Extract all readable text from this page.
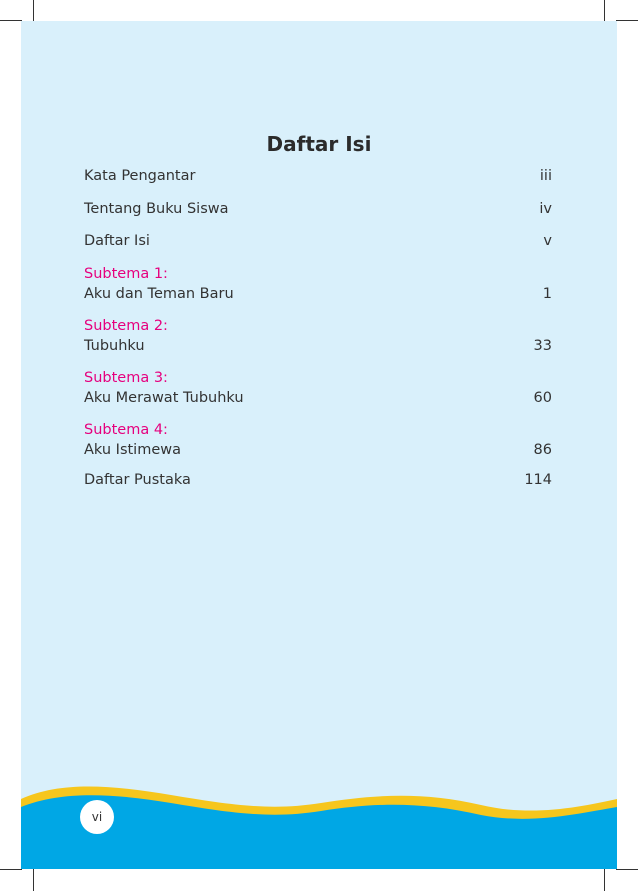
Daftar Isi
Kata Pengantar	iii
Tentang Buku Siswa	iv
Daftar Isi	v
Subtema 1:
Aku dan Teman Baru	1
Subtema 2:
Tubuhku	33
Subtema 3:
Aku Merawat Tubuhku	60
Subtema 4:
Aku Istimewa	86
Daftar Pustaka	114
vi
